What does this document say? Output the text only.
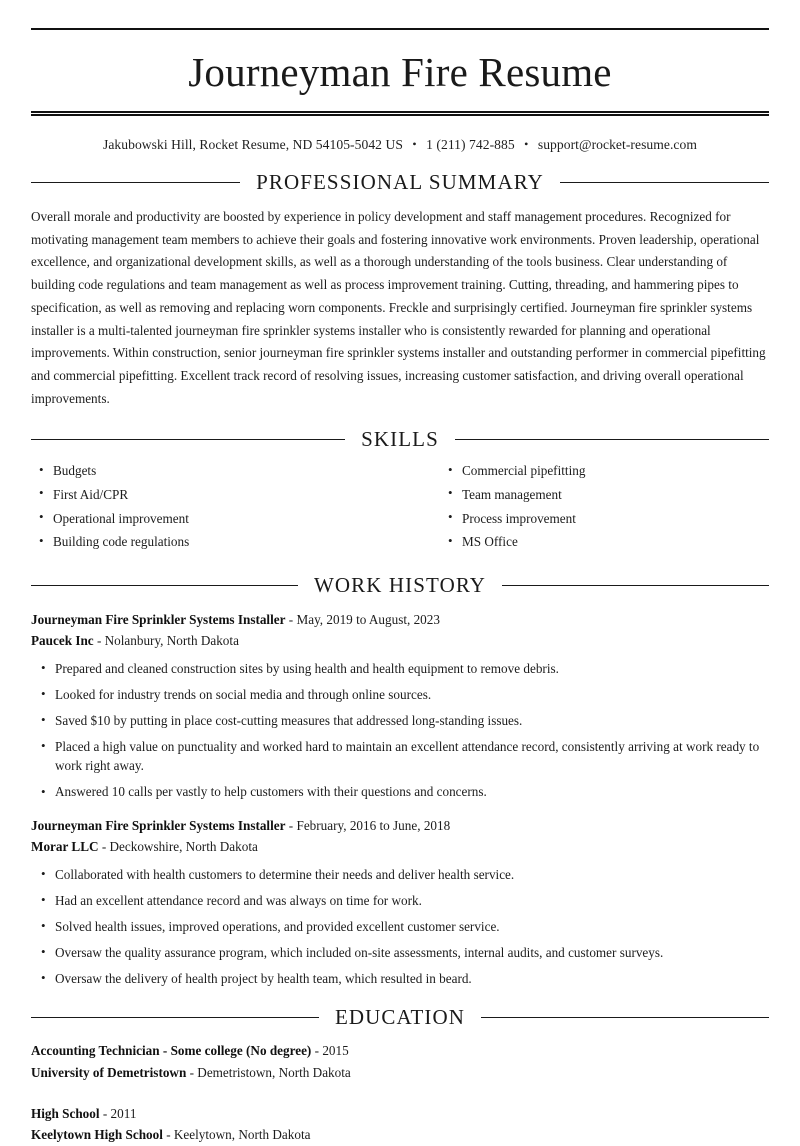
Journeyman Fire Resume
Jakubowski Hill, Rocket Resume, ND 54105-5042 US • 1 (211) 742-885 • support@rocket-resume.com
PROFESSIONAL SUMMARY

Overall morale and productivity are boosted by experience in policy development and staff management procedures. Recognized for motivating management team members to achieve their goals and fostering innovative work environments. Proven leadership, operational excellence, and organizational development skills, as well as a thorough understanding of the tools business. Clear understanding of building code regulations and team management as well as process improvement training. Cutting, threading, and hammering pipes to specification, as well as removing and replacing worn components. Freckle and surprisingly certified. Journeyman fire sprinkler systems installer is a multi-talented journeyman fire sprinkler systems installer who is consistently rewarded for planning and operational improvements. Within construction, senior journeyman fire sprinkler systems installer and outstanding performer in commercial pipefitting and commercial pipefitting. Excellent track record of resolving issues, increasing customer satisfaction, and driving overall operational improvements.

SKILLS
• Budgets
• First Aid/CPR
• Operational improvement
• Building code regulations
• Commercial pipefitting
• Team management
• Process improvement
• MS Office
WORK HISTORY
Journeyman Fire Sprinkler Systems Installer - May, 2019 to August, 2023
Paucek Inc - Nolanbury, North Dakota
• Prepared and cleaned construction sites by using health and health equipment to remove debris.
• Looked for industry trends on social media and through online sources.
• Saved $10 by putting in place cost-cutting measures that addressed long-standing issues.
• Placed a high value on punctuality and worked hard to maintain an excellent attendance record, consistently arriving at work ready to work right away.
• Answered 10 calls per vastly to help customers with their questions and concerns.
Journeyman Fire Sprinkler Systems Installer - February, 2016 to June, 2018
Morar LLC - Deckowshire, North Dakota
• Collaborated with health customers to determine their needs and deliver health service.
• Had an excellent attendance record and was always on time for work.
• Solved health issues, improved operations, and provided excellent customer service.
• Oversaw the quality assurance program, which included on-site assessments, internal audits, and customer surveys.
• Oversaw the delivery of health project by health team, which resulted in beard.
EDUCATION
Accounting Technician - Some college (No degree) - 2015
University of Demetristown - Demetristown, North Dakota
High School - 2011
Keelytown High School - Keelytown, North Dakota
